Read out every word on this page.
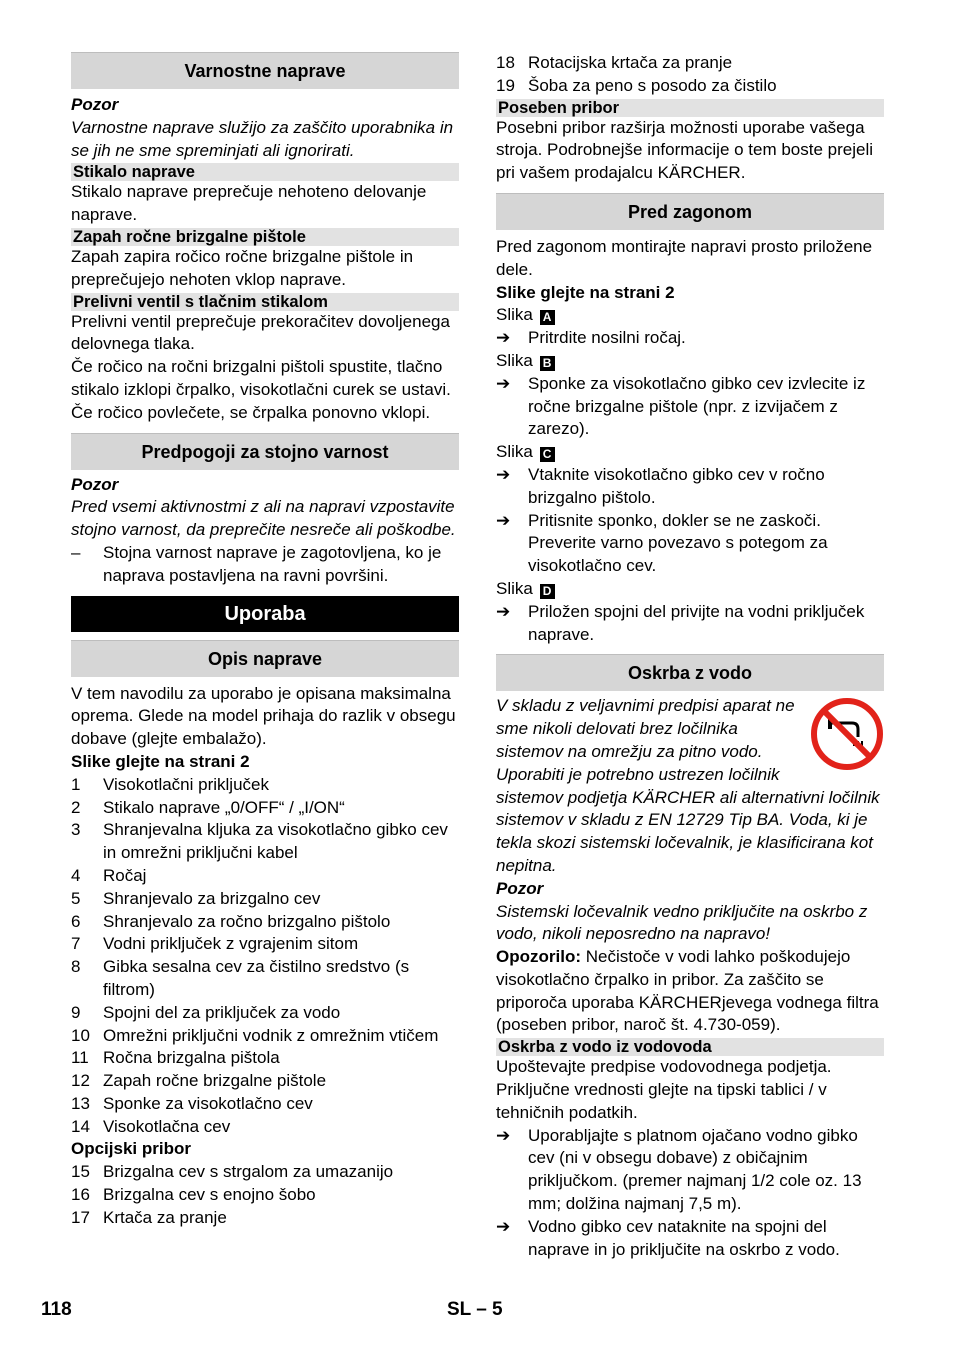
Varnostne naprave

Pozor

Varnostne naprave služijo za zaščito uporabnika in se jih ne sme spreminjati ali ignorirati.

Stikalo naprave

Stikalo naprave preprečuje nehoteno delovanje naprave.

Zapah ročne brizgalne pištole

Zapah zapira ročico ročne brizgalne pištole in preprečujejo nehoten vklop naprave.

Prelivni ventil s tlačnim stikalom

Prelivni ventil preprečuje prekoračitev dovoljenega delovnega tlaka.

Če ročico na ročni brizgalni pištoli spustite, tlačno stikalo izklopi črpalko, visokotlačni curek se ustavi. Če ročico povlečete, se črpalka ponovno vklopi.

Predpogoji za stojno varnost

Pozor

Pred vsemi aktivnostmi z ali na napravi vzpostavite stojno varnost, da preprečite nesreče ali poškodbe.

–	Stojna varnost naprave je zagotovljena, ko je naprava postavljena na ravni površini.
Uporaba
Opis naprave

V tem navodilu za uporabo je opisana maksimalna oprema. Glede na model prihaja do razlik v obsegu dobave (glejte embalažo).

Slike glejte na strani 2

1	Visokotlačni priključek
2	Stikalo naprave „0/OFF“ / „I/ON“
3	Shranjevalna kljuka za visokotlačno gibko cev in omrežni priključni kabel
4	Ročaj
5	Shranjevalo za brizgalno cev
6	Shranjevalo za ročno brizgalno pištolo
7	Vodni priključek z vgrajenim sitom
8	Gibka sesalna cev za čistilno sredstvo (s filtrom)
9	Spojni del za priključek za vodo
10 Omrežni priključni vodnik z omrežnim vtičem
11 Ročna brizgalna pištola
12 Zapah ročne brizgalne pištole
13 Sponke za visokotlačno cev
14 Visokotlačna cev

Opcijski pribor

15 Brizgalna cev s strgalom za umazanijo
16 Brizgalna cev s enojno šobo
17 Krtača za pranje
18 Rotacijska krtača za pranje
19 Šoba za peno s posodo za čistilo
Poseben pribor

Posebni pribor razširja možnosti uporabe vašega stroja. Podrobnejše informacije o tem boste prejeli pri vašem prodajalcu KÄRCHER.

Pred zagonom

Pred zagonom montirajte napravi prosto priložene dele.

Slike glejte na strani 2

Slika A

➔	Pritrdite nosilni ročaj.

Slika B

➔	Sponke za visokotlačno gibko cev izvlecite iz ročne brizgalne pištole (npr. z izvijačem z zarezo).

Slika C

➔	Vtaknite visokotlačno gibko cev v ročno brizgalno pištolo.
➔	Pritisnite sponko, dokler se ne zaskoči. Preverite varno povezavo s potegom za visokotlačno cev.

Slika D

➔	Priložen spojni del privijte na vodni priključek naprave.
Oskrba z vodo

V skladu z veljavnimi predpisi aparat ne sme nikoli delovati brez ločilnika sistemov na omrežju za pitno vodo. Uporabiti je potrebno ustrezen ločilnik sistemov podjetja KÄRCHER ali alternativni ločilnik sistemov v skladu z EN 12729 Tip BA. Voda, ki je tekla skozi sistemski ločevalnik, je klasificirana kot nepitna.

Pozor

Sistemski ločevalnik vedno priključite na oskrbo z vodo, nikoli neposredno na napravo!

Opozorilo: Nečistoče v vodi lahko poškodujejo visokotlačno črpalko in pribor. Za zaščito se priporoča uporaba KÄRCHERjevega vodnega filtra (poseben pribor, naroč št. 4.730-059).

Oskrba z vodo iz vodovoda

Upoštevajte predpise vodovodnega podjetja.

Priključne vrednosti glejte na tipski tablici / v tehničnih podatkih.

➔	Uporabljajte s platnom ojačano vodno gibko cev (ni v obsegu dobave) z običajnim priključkom. (premer najmanj 1/2 cole oz. 13 mm; dolžina najmanj 7,5 m).
➔	Vodno gibko cev nataknite na spojni del naprave in jo priključite na oskrbo z vodo.
118	SL – 5
